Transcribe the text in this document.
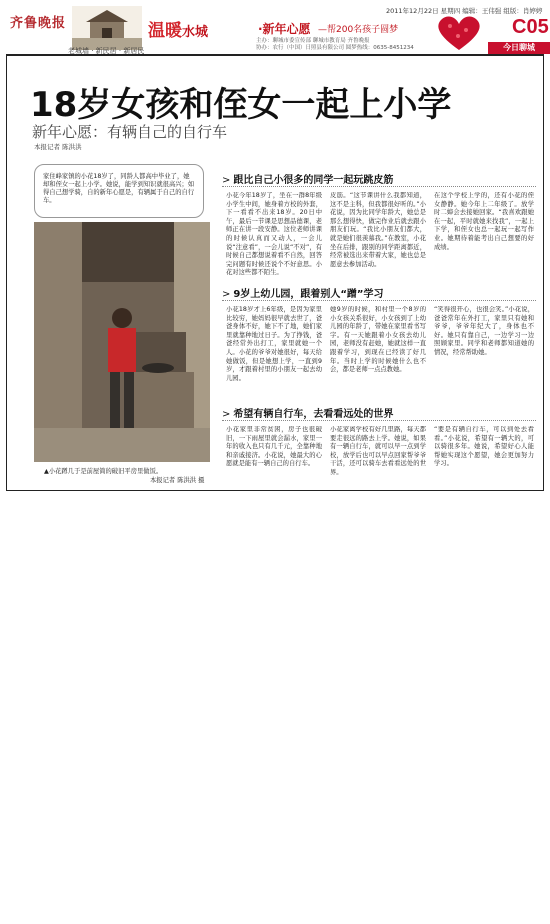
齐鲁晚报
老城墙 · 新民居 · 新居民
温暖水城	·新年心愿 —帮200名孩子圆梦
主办：聊城市委宣传部 聊城市教育局 齐鲁晚报
协办：农行（中国）日照县有限公司 圆梦热线：0635-8451234
2011年12月22日 星期四 编辑：王伟强 组版：肖婷婷
C05
今日聊城
18岁女孩和侄女一起上小学
新年心愿：有辆自己的自行车
本报记者 陈洪洪
家住峰家镇的小花18岁了，同龄人都高中毕业了，她却和侄女一起上小学。她说，能学到知识就很高兴；如得自己想学骑，自的新年心愿是，有辆属于自己的自行车。
▲小花蹲几于是前屋简的破旧平房里做饭。
本报记者 陈洪洪 摄
> 跟比自己小很多的同学一起玩跳皮筋
小花今年18岁了，坐在一群8年级小学生中间，她身着方校的外套，下一看看不出来18岁。20日中午，最后一节课是思想品德课，老师正在讲一段安静。这位老师讲课的时候认真而又动人，一会儿说“注意看”，一会儿说“不对”，有时候自己都想说着看不自然，回答完问题有时候还说个不好意思。小花对这些都不陌生。
皮筋。“这节课讲什么我都知道，这不是主科，但我都很好听的。”小花说，因为比同学年龄大，她总是那么想得快，做完作业后就去跟小朋友们玩。“我比小朋友们都大，就是她们很羡慕我。”在教室，小花坐在后排，跟别的同学距离都近，经常被选出来带着大家，她也总是愿意去参加活动。
在这个学校上学的，还有小花的侄女静静。她今年上二年级了。放学时二婶会去接她回家。“我喜欢跟她在一起，平时就她来找我”，一起上下学，和侄女也总一起玩一起写作业。她期待着能考出自己想要的好成绩。
> 9岁上幼儿园，跟着别人“蹭”学习
小花18岁才上6年级，是因为家里比较穷，她妈妈很早就去世了，爸爸身体不好，她下不了地，她们家里就靠种地过日子。为了挣钱，爸爸经常外出打工，家里就她一个人。小花的爷爷对她很好，每天给她做饭，但是她想上学，一直到9岁，才跟着村里的小朋友一起去幼儿园。
她9岁的时候，和村里一个8岁的小女孩关系很好，小女孩到了上幼儿园的年龄了，带她在家里看书写字。有一天她跟着小女孩去幼儿园，老师没有赶她，她就这样一直跟着学习，到现在已经读了好几年。当时上学的时候她什么也不会，都是老师一点点教她。
“笑得很开心，也很会笑。”小花说，爸爸常年在外打工，家里只有她和爷爷，爷爷年纪大了，身体也不好。她只有靠自己，一边学习一边照顾家里。同学和老师都知道她的情况，经常帮助她。
> 希望有辆自行车，去看看远处的世界
小花家里非常贫困，房子也很破旧，一下雨屋里就会漏水，家里一年的收入也只有几千元，全靠种地和亲戚接济。小花说，她最大的心愿就是能有一辆自己的自行车。
小花家离学校有好几里路，每天都要走很远的路去上学。她说，如果有一辆自行车，就可以早一点到学校，放学后也可以早点回家帮爷爷干活，还可以骑车去看看远处的世界。
“要是有辆自行车，可以到处去看看。”小花说，希望有一辆大的，可以骑很多年。她说，希望好心人能帮她实现这个愿望，她会更加努力学习。
